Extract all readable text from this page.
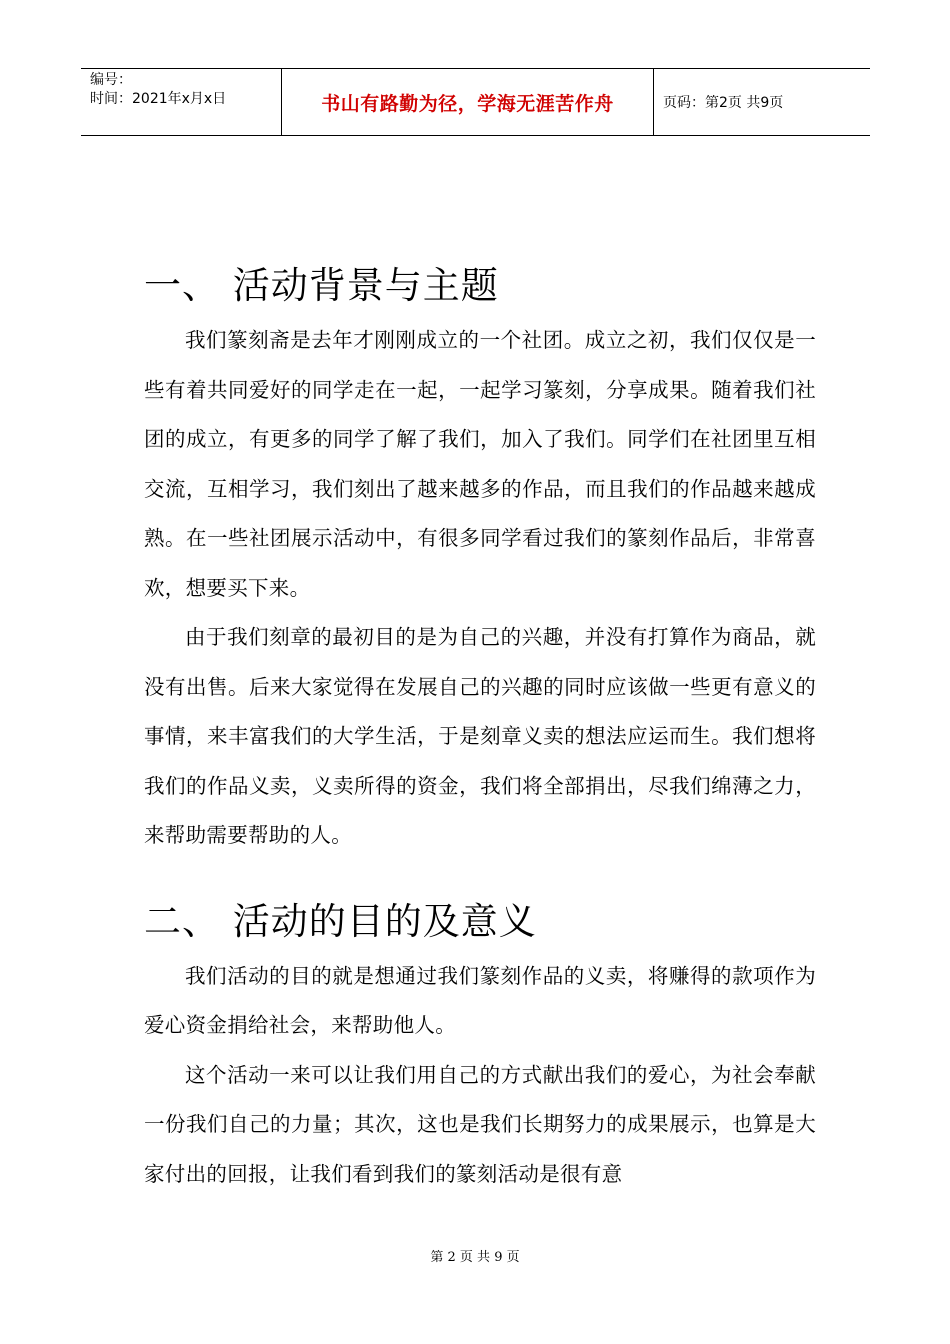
编号：
时间：2021年x月x日	书山有路勤为径，学海无涯苦作舟	页码：第2页 共9页
一、 活动背景与主题

我们篆刻斋是去年才刚刚成立的一个社团。成立之初，我们仅仅是一些有着共同爱好的同学走在一起，一起学习篆刻，分享成果。随着我们社团的成立，有更多的同学了解了我们，加入了我们。同学们在社团里互相交流，互相学习，我们刻出了越来越多的作品，而且我们的作品越来越成熟。在一些社团展示活动中，有很多同学看过我们的篆刻作品后，非常喜欢，想要买下来。

由于我们刻章的最初目的是为自己的兴趣，并没有打算作为商品，就没有出售。后来大家觉得在发展自己的兴趣的同时应该做一些更有意义的事情，来丰富我们的大学生活，于是刻章义卖的想法应运而生。我们想将我们的作品义卖，义卖所得的资金，我们将全部捐出，尽我们绵薄之力，来帮助需要帮助的人。

二、 活动的目的及意义

我们活动的目的就是想通过我们篆刻作品的义卖，将赚得的款项作为爱心资金捐给社会，来帮助他人。

这个活动一来可以让我们用自己的方式献出我们的爱心，为社会奉献一份我们自己的力量；其次，这也是我们长期努力的成果展示，也算是大家付出的回报，让我们看到我们的篆刻活动是很有意

第 2 页 共 9 页
